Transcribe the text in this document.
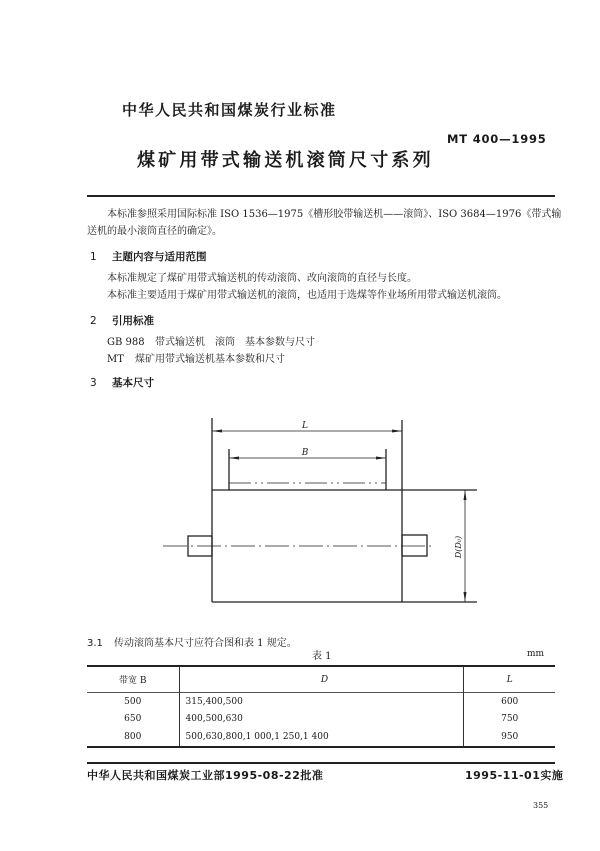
中华人民共和国煤炭行业标准
MT 400—1995
煤矿用带式输送机滚筒尺寸系列
本标准参照采用国际标准 ISO 1536—1975《槽形胶带输送机——滚筒》、ISO 3684—1976《带式输
送机的最小滚筒直径的确定》。
1 主题内容与适用范围
本标准规定了煤矿用带式输送机的传动滚筒、改向滚筒的直径与长度。
本标准主要适用于煤矿用带式输送机的滚筒，也适用于选煤等作业场所用带式输送机滚筒。
2 引用标准
GB 988 带式输送机　滚筒　基本参数与尺寸
MT 煤矿用带式输送机基本参数和尺寸
3 基本尺寸
L
B
D(D₀)
3.1 传动滚筒基本尺寸应符合图和表 1 规定。
表 1	mm
带宽 B	D	L
500	315,400,500	600
650	400,500,630	750
800	500,630,800,1 000,1 250,1 400	950
中华人民共和国煤炭工业部1995-08-22批准	1995-11-01实施
355
